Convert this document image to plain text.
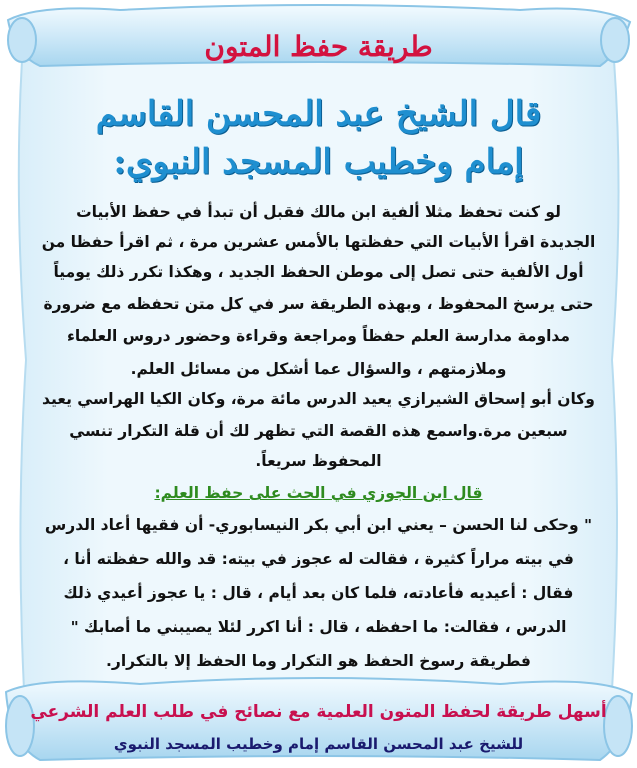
طريقة حفظ المتون
قال الشيخ عبد المحسن القاسم
إمام وخطيب المسجد النبوي:
لو كنت تحفظ مثلا ألفية ابن مالك فقبل أن تبدأ في حفظ الأبيات
الجديدة اقرأ الأبيات التي حفظتها بالأمس عشرين مرة ، ثم اقرأ حفظا من
أول الألفية حتى تصل إلى موطن الحفظ الجديد ، وهكذا تكرر ذلك يومياً
حتى يرسخ المحفوظ ، وبهذه الطريقة سر في كل متن تحفظه مع ضرورة
مداومة مدارسة العلم حفظاً ومراجعة وقراءة وحضور دروس العلماء
وملازمتهم ، والسؤال عما أشكل من مسائل العلم.
وكان أبو إسحاق الشيرازي يعيد الدرس مائة مرة، وكان الكيا الهراسي يعيد
سبعين مرة.واسمع هذه القصة التي تظهر لك أن قلة التكرار تنسي
المحفوظ سريعاً.
قال ابن الجوزي في الحث على حفظ العلم:
" وحكى لنا الحسن – يعني ابن أبي بكر النيسابوري- أن فقيها أعاد الدرس
في بيته مراراً كثيرة ، فقالت له عجوز في بيته: قد والله حفظته أنا ،
فقال : أعيديه فأعادته، فلما كان بعد أيام ، قال : يا عجوز أعيدي ذلك
الدرس ، فقالت: ما احفظه ، قال : أنا اكرر لئلا يصيبني ما أصابك "
فطريقة رسوخ الحفظ هو التكرار وما الحفظ إلا بالتكرار.
أسهل طريقة لحفظ المتون العلمية مع نصائح في طلب العلم الشرعي
للشيخ عبد المحسن القاسم إمام وخطيب المسجد النبوي
